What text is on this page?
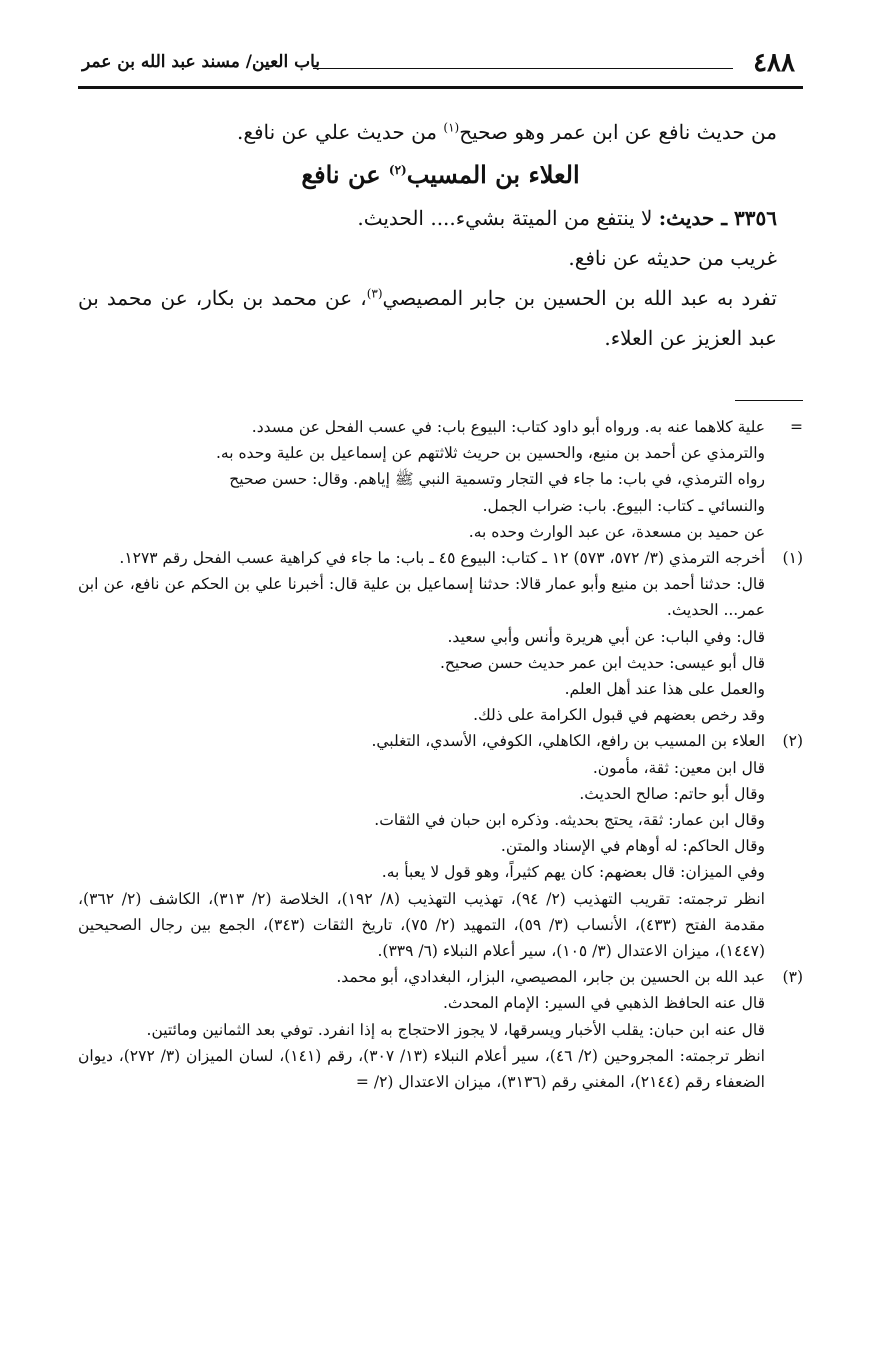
٤٨٨
باب العين/ مسند عبد الله بن عمر

من حديث نافع عن ابن عمر وهو صحيح$^{(١)}$ من حديث علي عن نافع.

العلاء بن المسيب$^{(٢)}$ عن نافع

٣٣٥٦ ـ حديث: لا ينتفع من الميتة بشيء.... الحديث.

غريب من حديثه عن نافع.

تفرد به عبد الله بن الحسين بن جابر المصيصي$^{(٣)}$، عن محمد بن بكار، عن محمد بن عبد العزيز عن العلاء.

=

علية كلاهما عنه به. ورواه أبو داود كتاب: البيوع باب: في عسب الفحل عن مسدد.

والترمذي عن أحمد بن منيع، والحسين بن حريث ثلاثتهم عن إسماعيل بن علية وحده به.

رواه الترمذي، في باب: ما جاء في التجار وتسمية النبي ﷺ إياهم. وقال: حسن صحيح

والنسائي ـ كتاب: البيوع. باب: ضراب الجمل.

عن حميد بن مسعدة، عن عبد الوارث وحده به.

(١)

أخرجه الترمذي (٣/ ٥٧٢، ٥٧٣) ١٢ ـ كتاب: البيوع ٤٥ ـ باب: ما جاء في كراهية عسب الفحل رقم ١٢٧٣.

قال: حدثنا أحمد بن منيع وأبو عمار قالا: حدثنا إسماعيل بن علية قال: أخبرنا علي بن الحكم عن نافع، عن ابن عمر... الحديث.

قال: وفي الباب: عن أبي هريرة وأنس وأبي سعيد.

قال أبو عيسى: حديث ابن عمر حديث حسن صحيح.

والعمل على هذا عند أهل العلم.

وقد رخص بعضهم في قبول الكرامة على ذلك.

(٢)

العلاء بن المسيب بن رافع، الكاهلي، الكوفي، الأسدي، التغلبي.

قال ابن معين: ثقة، مأمون.

وقال أبو حاتم: صالح الحديث.

وقال ابن عمار: ثقة، يحتج بحديثه. وذكره ابن حبان في الثقات.

وقال الحاكم: له أوهام في الإسناد والمتن.

وفي الميزان: قال بعضهم: كان يهم كثيراً، وهو قول لا يعبأ به.

انظر ترجمته: تقريب التهذيب (٢/ ٩٤)، تهذيب التهذيب (٨/ ١٩٢)، الخلاصة (٢/ ٣١٣)، الكاشف (٢/ ٣٦٢)، مقدمة الفتح (٤٣٣)، الأنساب (٣/ ٥٩)، التمهيد (٢/ ٧٥)، تاريخ الثقات (٣٤٣)، الجمع بين رجال الصحيحين (١٤٤٧)، ميزان الاعتدال (٣/ ١٠٥)، سير أعلام النبلاء (٦/ ٣٣٩).

(٣)

عبد الله بن الحسين بن جابر، المصيصي، البزار، البغدادي، أبو محمد.

قال عنه الحافظ الذهبي في السير: الإمام المحدث.

قال عنه ابن حبان: يقلب الأخبار ويسرقها، لا يجوز الاحتجاج به إذا انفرد. توفي بعد الثمانين ومائتين.

انظر ترجمته: المجروحين (٢/ ٤٦)، سير أعلام النبلاء (١٣/ ٣٠٧)، رقم (١٤١)، لسان الميزان (٣/ ٢٧٢)، ديوان الضعفاء رقم (٢١٤٤)، المغني رقم (٣١٣٦)، ميزان الاعتدال (٢/ =
